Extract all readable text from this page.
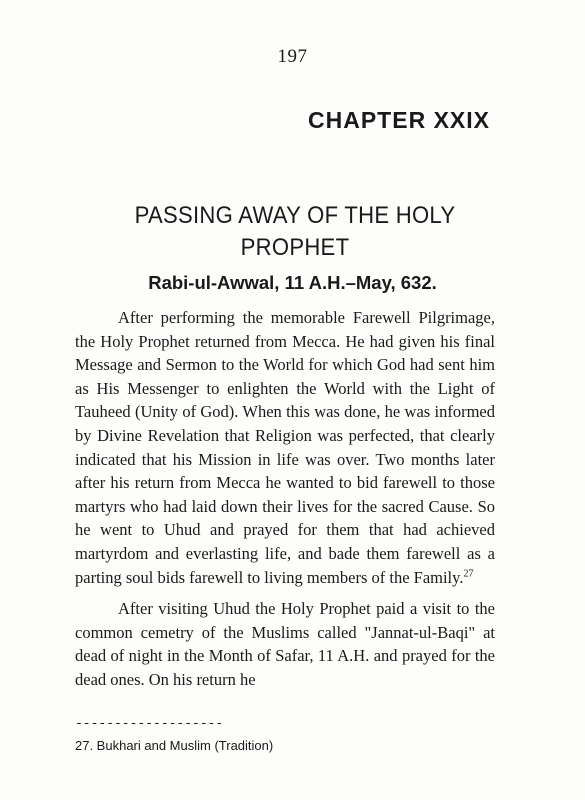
197
CHAPTER XXIX
PASSING AWAY OF THE HOLY
PROPHET
Rabi-ul-Awwal, 11 A.H.–May, 632.

After performing the memorable Farewell Pilgrimage, the Holy Prophet returned from Mecca. He had given his final Message and Sermon to the World for which God had sent him as His Messenger to enlighten the World with the Light of Tauheed (Unity of God). When this was done, he was informed by Divine Revelation that Religion was perfected, that clearly indicated that his Mission in life was over. Two months later after his return from Mecca he wanted to bid farewell to those martyrs who had laid down their lives for the sacred Cause. So he went to Uhud and prayed for them that had achieved martyrdom and everlasting life, and bade them farewell as a parting soul bids farewell to living members of the Family.$^{27}$

After visiting Uhud the Holy Prophet paid a visit to the common cemetry of the Muslims called "Jannat-ul-Baqi" at dead of night in the Month of Safar, 11 A.H. and prayed for the dead ones. On his return he

-------------------
27. Bukhari and Muslim (Tradition)
